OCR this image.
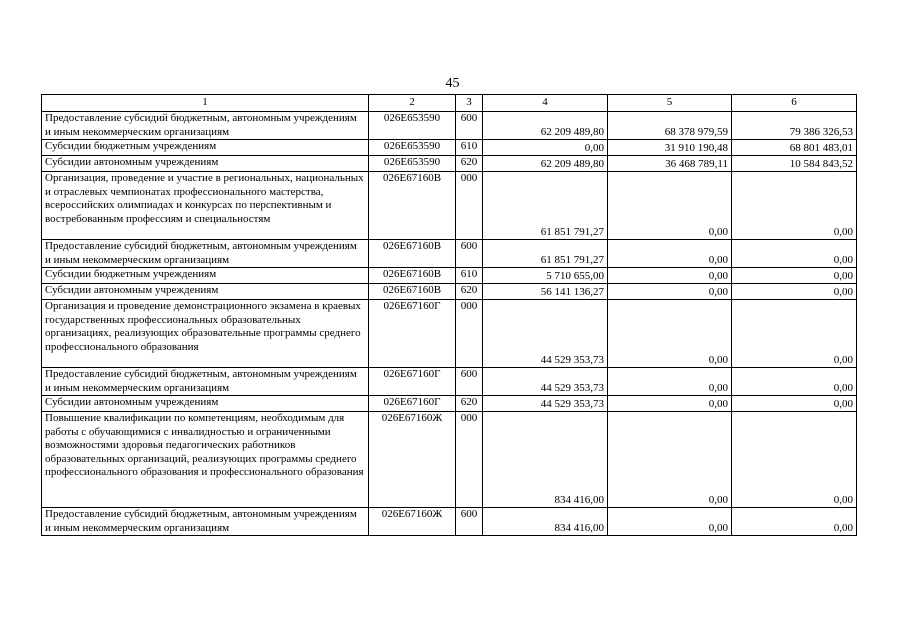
45
1	2	3	4	5	6
Предоставление субсидий бюджетным, автономным учреждениям и иным некоммерческим организациям	026E653590	600	62 209 489,80	68 378 979,59	79 386 326,53
Субсидии бюджетным учреждениям	026E653590	610	0,00	31 910 190,48	68 801 483,01
Субсидии автономным учреждениям	026E653590	620	62 209 489,80	36 468 789,11	10 584 843,52
Организация, проведение и участие в региональных, национальных и отраслевых чемпионатах профессионального мастерства, всероссийских олимпиадах и конкурсах по перспективным и востребованным профессиям и специальностям	026E67160В	000	61 851 791,27	0,00	0,00
Предоставление субсидий бюджетным, автономным учреждениям и иным некоммерческим организациям	026E67160В	600	61 851 791,27	0,00	0,00
Субсидии бюджетным учреждениям	026E67160В	610	5 710 655,00	0,00	0,00
Субсидии автономным учреждениям	026E67160В	620	56 141 136,27	0,00	0,00
Организация и проведение демонстрационного экзамена в краевых государственных профессиональных образовательных организациях, реализующих образовательные программы среднего профессионального образования	026E67160Г	000	44 529 353,73	0,00	0,00
Предоставление субсидий бюджетным, автономным учреждениям и иным некоммерческим организациям	026E67160Г	600	44 529 353,73	0,00	0,00
Субсидии автономным учреждениям	026E67160Г	620	44 529 353,73	0,00	0,00
Повышение квалификации по компетенциям, необходимым для работы с обучающимися с инвалидностью и ограниченными возможностями здоровья педагогических работников образовательных организаций, реализующих программы среднего профессионального образования и профессионального образования	026E67160Ж	000	834 416,00	0,00	0,00
Предоставление субсидий бюджетным, автономным учреждениям и иным некоммерческим организациям	026E67160Ж	600	834 416,00	0,00	0,00
